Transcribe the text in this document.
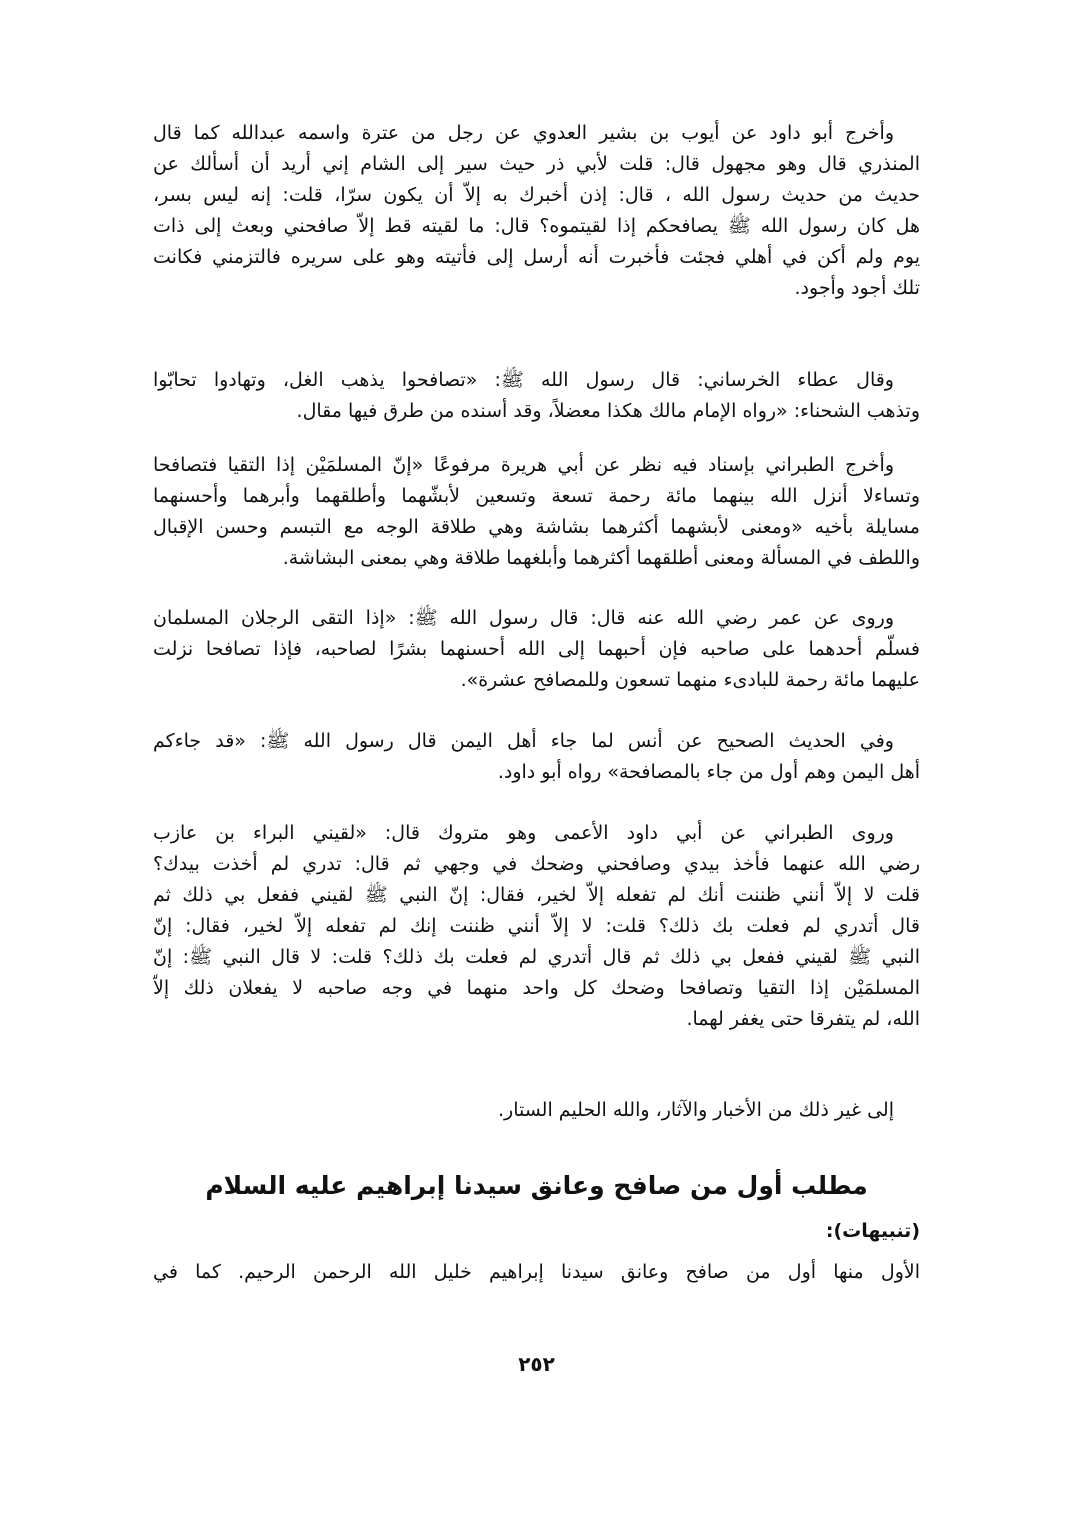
وأخرج أبو داود عن أيوب بن بشير العدوي عن رجل من عترة واسمه عبدالله كما قال
المنذري قال وهو مجهول قال: قلت لأبي ذر حيث سير إلى الشام إني أريد أن أسألك عن
حديث من حديث رسول الله ، قال: إذن أخبرك به إلاّ أن يكون سرّا، قلت: إنه ليس بسر،
هل كان رسول الله ﷺ يصافحكم إذا لقيتموه؟ قال: ما لقيته قط إلاّ صافحني وبعث إلى ذات
يوم ولم أكن في أهلي فجئت فأخبرت أنه أرسل إلى فأتيته وهو على سريره فالتزمني فكانت
تلك أجود وأجود.
وقال عطاء الخرساني: قال رسول الله ﷺ: «تصافحوا يذهب الغل، وتهادوا تحابّوا
وتذهب الشحناء: «رواه الإمام مالك هكذا معضلاً، وقد أسنده من طرق فيها مقال.
وأخرج الطبراني بإسناد فيه نظر عن أبي هريرة مرفوعًا «إنّ المسلمَيْن إذا التقيا فتصافحا
وتساءلا أنزل الله بينهما مائة رحمة تسعة وتسعين لأبشّهما وأطلقهما وأبرهما وأحسنهما
مسايلة بأخيه «ومعنى لأبشهما أكثرهما بشاشة وهي طلاقة الوجه مع التبسم وحسن الإقبال
واللطف في المسألة ومعنى أطلقهما أكثرهما وأبلغهما طلاقة وهي بمعنى البشاشة.
وروى عن عمر رضي الله عنه قال: قال رسول الله ﷺ: «إذا التقى الرجلان المسلمان
فسلّم أحدهما على صاحبه فإن أحبهما إلى الله أحسنهما بشرًا لصاحبه، فإذا تصافحا نزلت
عليهما مائة رحمة للبادىء منهما تسعون وللمصافح عشرة».
وفي الحديث الصحيح عن أنس لما جاء أهل اليمن قال رسول الله ﷺ: «قد جاءكم
أهل اليمن وهم أول من جاء بالمصافحة» رواه أبو داود.
وروى الطبراني عن أبي داود الأعمى وهو متروك قال: «لقيني البراء بن عازب
رضي الله عنهما فأخذ بيدي وصافحني وضحك في وجهي ثم قال: تدري لم أخذت بيدك؟
قلت لا إلاّ أنني ظننت أنك لم تفعله إلاّ لخير، فقال: إنّ النبي ﷺ لقيني ففعل بي ذلك ثم
قال أتدري لم فعلت بك ذلك؟ قلت: لا إلاّ أنني ظننت إنك لم تفعله إلاّ لخير، فقال: إنّ
النبي ﷺ لقيني ففعل بي ذلك ثم قال أتدري لم فعلت بك ذلك؟ قلت: لا قال النبي ﷺ: إنّ
المسلمَيْن إذا التقيا وتصافحا وضحك كل واحد منهما في وجه صاحبه لا يفعلان ذلك إلاّ
الله، لم يتفرقا حتى يغفر لهما.
إلى غير ذلك من الأخبار والآثار، والله الحليم الستار.
مطلب أول من صافح وعانق سيدنا إبراهيم عليه السلام
(تنبيهات):
الأول منها أول من صافح وعانق سيدنا إبراهيم خليل الله الرحمن الرحيم. كما في
٢٥٢
